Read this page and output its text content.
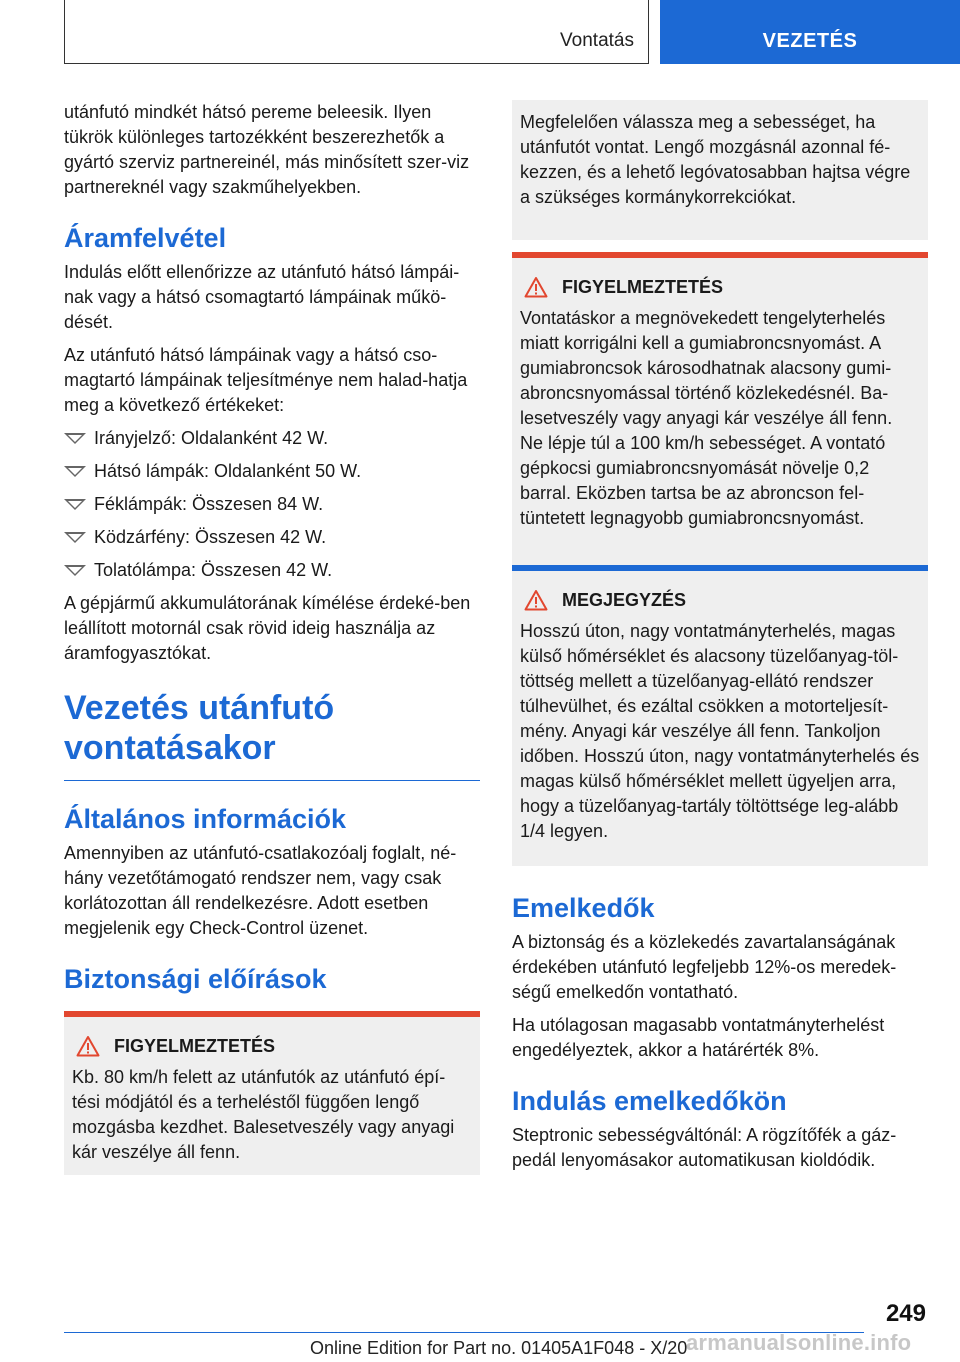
Vontatás	VEZETÉS

utánfutó mindkét hátsó pereme beleesik. Ilyen tükrök különleges tartozékként beszerezhetők a gyártó szerviz partnereinél, más minősített szer-viz partnereknél vagy szakműhelyekben.

Áramfelvétel

Indulás előtt ellenőrizze az utánfutó hátsó lámpái-nak vagy a hátsó csomagtartó lámpáinak műkö-dését.

Az utánfutó hátsó lámpáinak vagy a hátsó cso-magtartó lámpáinak teljesítménye nem halad-hatja meg a következő értékeket:

Irányjelző: Oldalanként 42 W.
Hátsó lámpák: Oldalanként 50 W.
Féklámpák: Összesen 84 W.
Ködzárfény: Összesen 42 W.
Tolatólámpa: Összesen 42 W.

A gépjármű akkumulátorának kímélése érdeké-ben leállított motornál csak rövid ideig használja az áramfogyasztókat.

Vezetés utánfutó vontatásakor
Általános információk

Amennyiben az utánfutó-csatlakozóalj foglalt, né-hány vezetőtámogató rendszer nem, vagy csak korlátozottan áll rendelkezésre. Adott esetben megjelenik egy Check-Control üzenet.

Biztonsági előírások
FIGYELMEZTETÉS

Kb. 80 km/h felett az utánfutók az utánfutó épí-tési módjától és a terheléstől függően lengő mozgásba kezdhet. Balesetveszély vagy anyagi kár veszélye áll fenn.

Megfelelően válassza meg a sebességet, ha utánfutót vontat. Lengő mozgásnál azonnal fé-kezzen, és a lehető legóvatosabban hajtsa végre a szükséges kormánykorrekciókat.

FIGYELMEZTETÉS

Vontatáskor a megnövekedett tengelyterhelés miatt korrigálni kell a gumiabroncsnyomást. A gumiabroncsok károsodhatnak alacsony gumi-abroncsnyomással történő közlekedésnél. Ba-lesetveszély vagy anyagi kár veszélye áll fenn. Ne lépje túl a 100 km/h sebességet. A vontató gépkocsi gumiabroncsnyomását növelje 0,2 barral. Eközben tartsa be az abroncson fel-tüntetett legnagyobb gumiabroncsnyomást.

MEGJEGYZÉS

Hosszú úton, nagy vontatmányterhelés, magas külső hőmérséklet és alacsony tüzelőanyag-töl-töttség mellett a tüzelőanyag-ellátó rendszer túlhevülhet, és ezáltal csökken a motorteljesít-mény. Anyagi kár veszélye áll fenn. Tankoljon időben. Hosszú úton, nagy vontatmányterhelés és magas külső hőmérséklet mellett ügyeljen arra, hogy a tüzelőanyag-tartály töltöttsége leg-alább 1/4 legyen.

Emelkedők

A biztonság és a közlekedés zavartalanságának érdekében utánfutó legfeljebb 12%-os meredek-ségű emelkedőn vontatható.

Ha utólagosan magasabb vontatmányterhelést engedélyeztek, akkor a határérték 8%.

Indulás emelkedőkön

Steptronic sebességváltónál: A rögzítőfék a gáz-pedál lenyomásakor automatikusan kioldódik.

249
Online Edition for Part no. 01405A1F048 - X/20
armanualsonline.info
